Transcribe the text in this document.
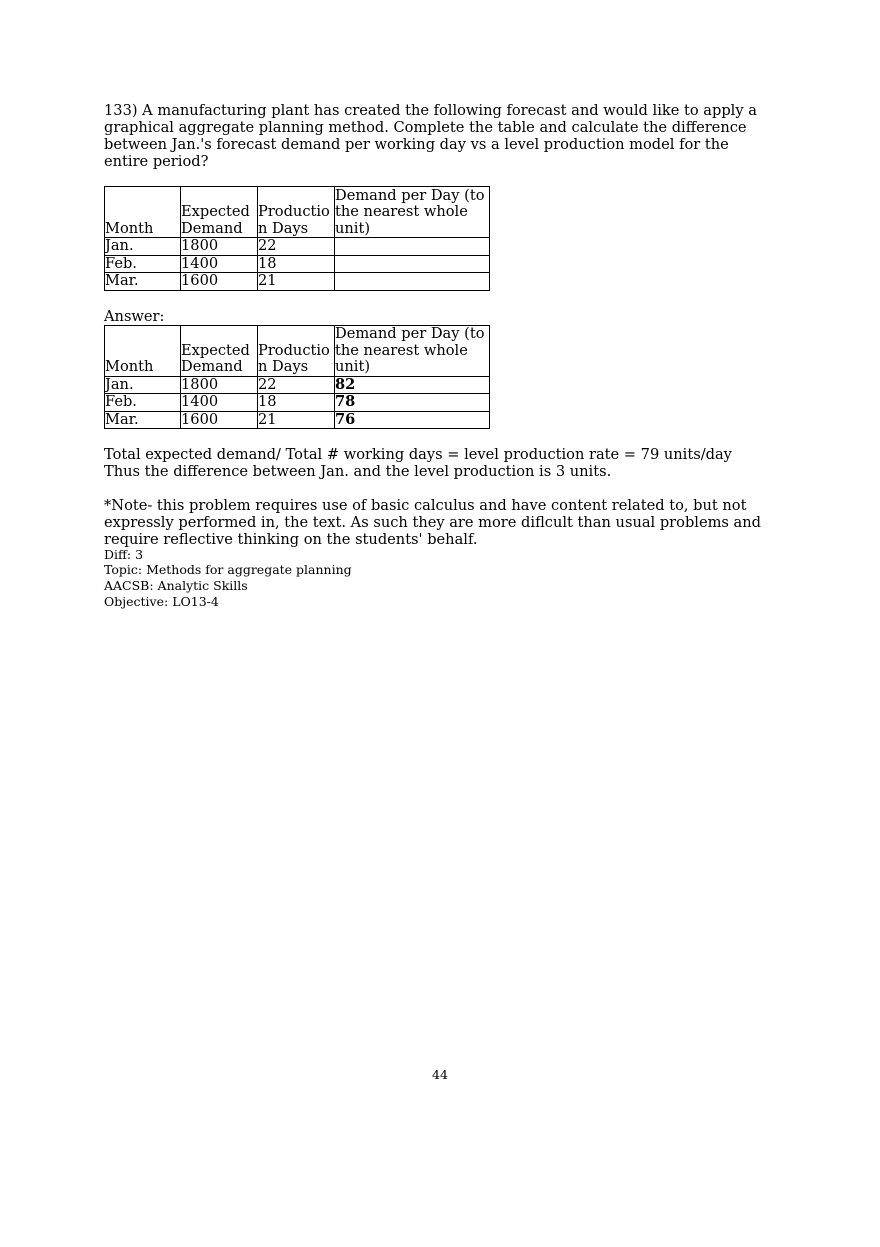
133) A manufacturing plant has created the following forecast and would like to apply a graphical aggregate planning method. Complete the table and calculate the difference between Jan.'s forecast demand per working day vs a level production model for the entire period?

Month	Expected Demand	Productio n Days	Demand per Day (to the nearest whole unit)
Jan.	1800	22	
Feb.	1400	18	
Mar.	1600	21	

Answer:

Month	Expected Demand	Productio n Days	Demand per Day (to the nearest whole unit)
Jan.	1800	22	82
Feb.	1400	18	78
Mar.	1600	21	76

Total expected demand/ Total # working days = level production rate = 79 units/day

Thus the difference between Jan. and the level production is 3 units.

*Note- this problem requires use of basic calculus and have content related to, but not expressly performed in, the text. As such they are more diflcult than usual problems and require reflective thinking on the students' behalf.

Diff: 3

Topic: Methods for aggregate planning

AACSB: Analytic Skills

Objective: LO13-4

44
